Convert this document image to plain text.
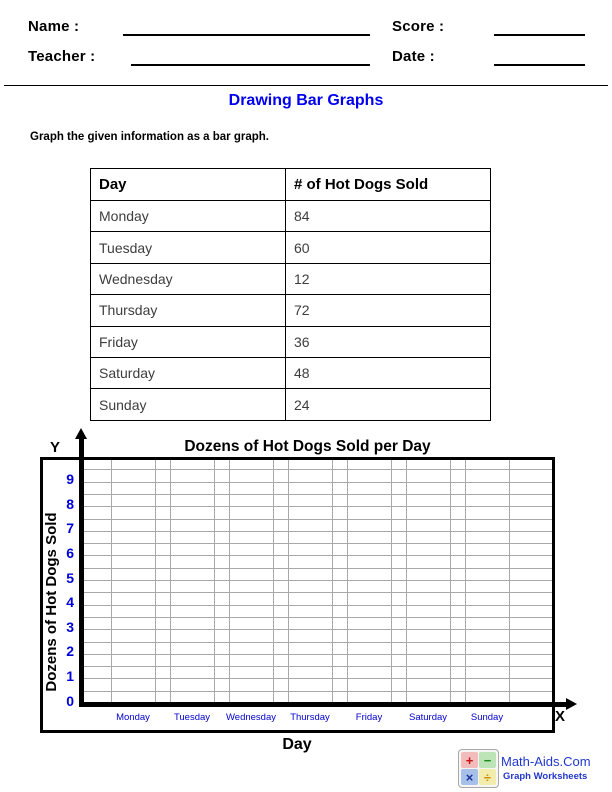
Name :	Score :
Teacher :	Date :
Drawing Bar Graphs
Graph the given information as a bar graph.
Day	# of Hot Dogs Sold
Monday	84
Tuesday	60
Wednesday	12
Thursday	72
Friday	36
Saturday	48
Sunday	24
Y
X
Dozens of Hot Dogs Sold per Day
Dozens of Hot Dogs Sold
Day
0
1
2
3
4
5
6
7
8
9
Monday	Tuesday	Wednesday	Thursday	Friday	Saturday	Sunday
+ −
× ÷
Math-Aids.Com
Graph Worksheets
